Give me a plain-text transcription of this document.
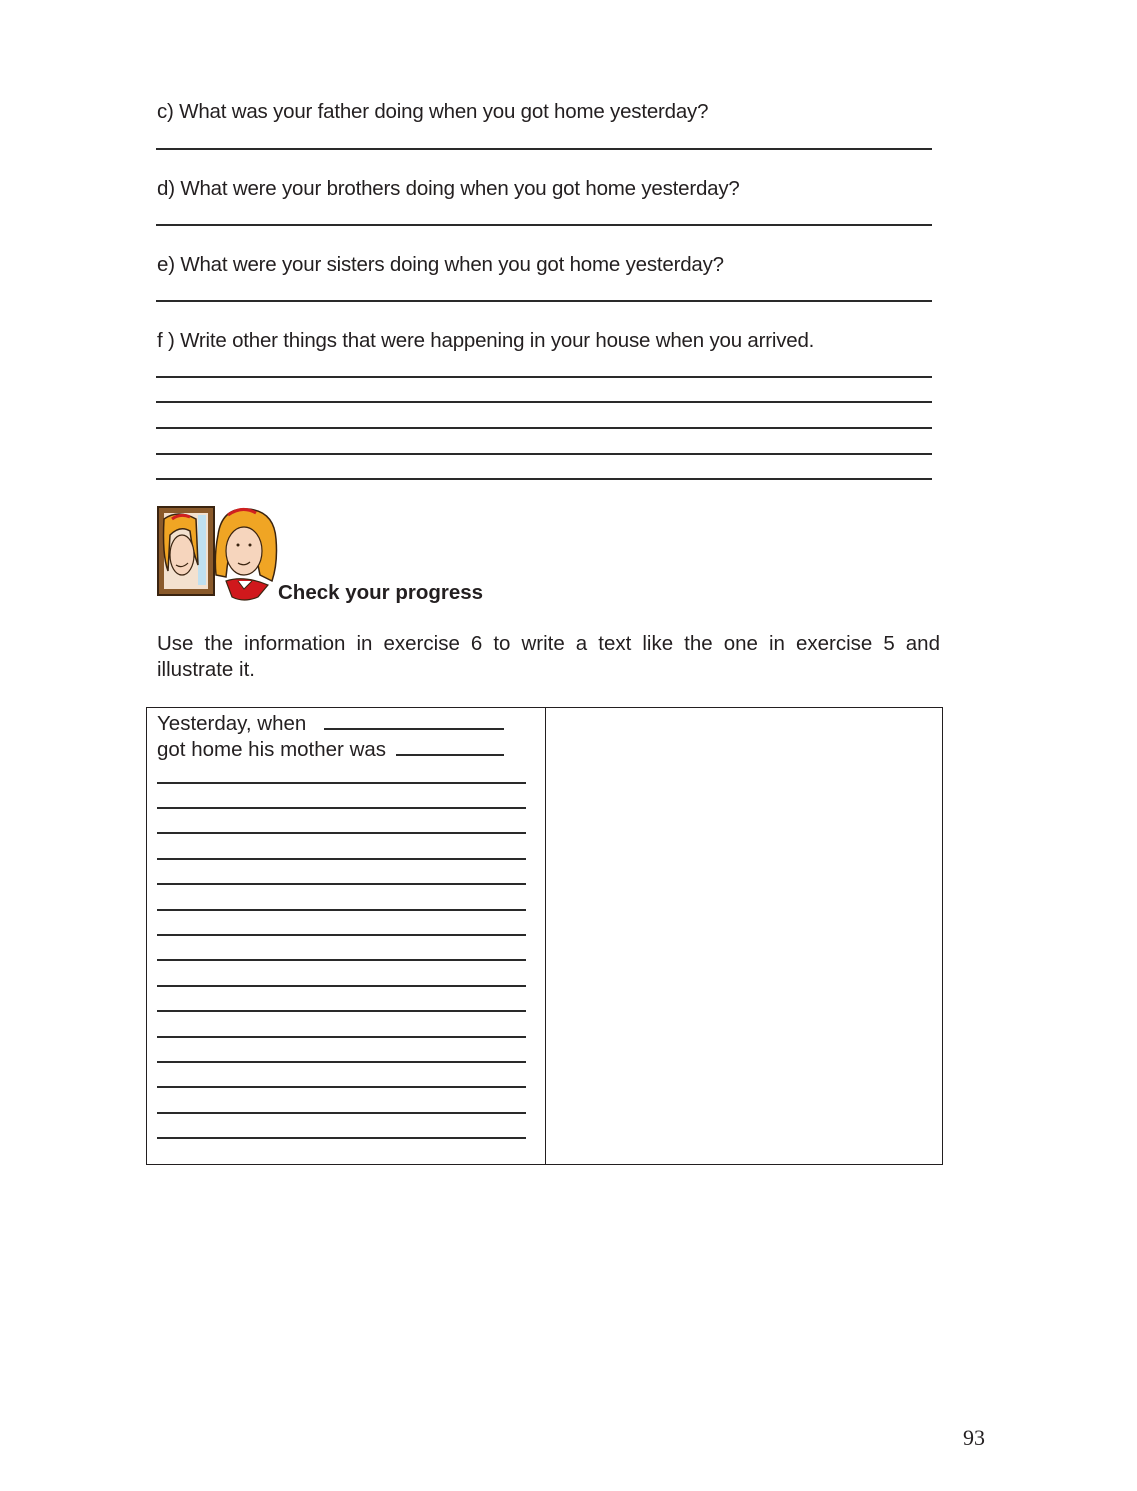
c) What was your father doing when you got home yesterday?
d) What were your brothers doing when you got home yesterday?
e) What were your sisters doing when you got home yesterday?
f ) Write other things that were happening in your house when you arrived.
Check your progress
Use the information in exercise 6 to write a text like the one in exercise 5 and
illustrate it.
Yesterday, when
got home his mother was
93
